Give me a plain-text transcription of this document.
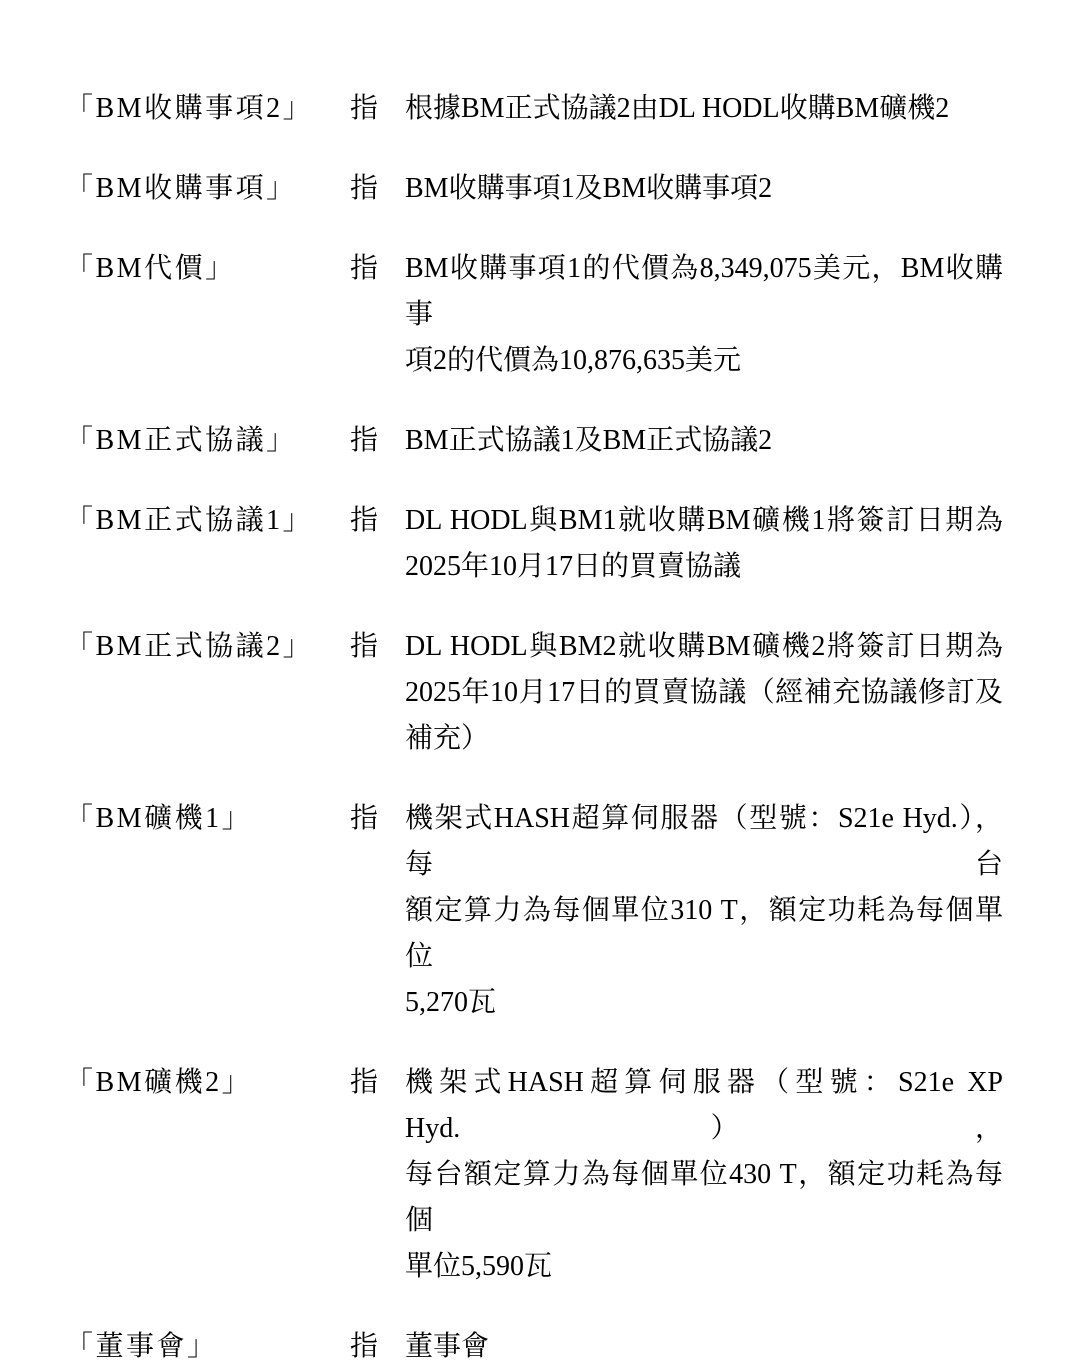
「BM收購事項2」	指 根據BM正式協議2由DL HODL收購BM礦機2
「BM收購事項」	指 BM收購事項1及BM收購事項2
「BM代價」	指 BM收購事項1的代價為8,349,075美元，BM收購事
項2的代價為10,876,635美元
「BM正式協議」	指 BM正式協議1及BM正式協議2
「BM正式協議1」	指 DL HODL與BM1就收購BM礦機1將簽訂日期為
2025年10月17日的買賣協議
「BM正式協議2」	指 DL HODL與BM2就收購BM礦機2將簽訂日期為
2025年10月17日的買賣協議（經補充協議修訂及
補充）
「BM礦機1」	指 機架式HASH超算伺服器（型號：S21e Hyd.），每台
額定算力為每個單位310 T，額定功耗為每個單位
5,270瓦
「BM礦機2」	指 機架式HASH超算伺服器（型號：S21e XP Hyd.），
每台額定算力為每個單位430 T，額定功耗為每個
單位5,590瓦
「董事會」	指 董事會
